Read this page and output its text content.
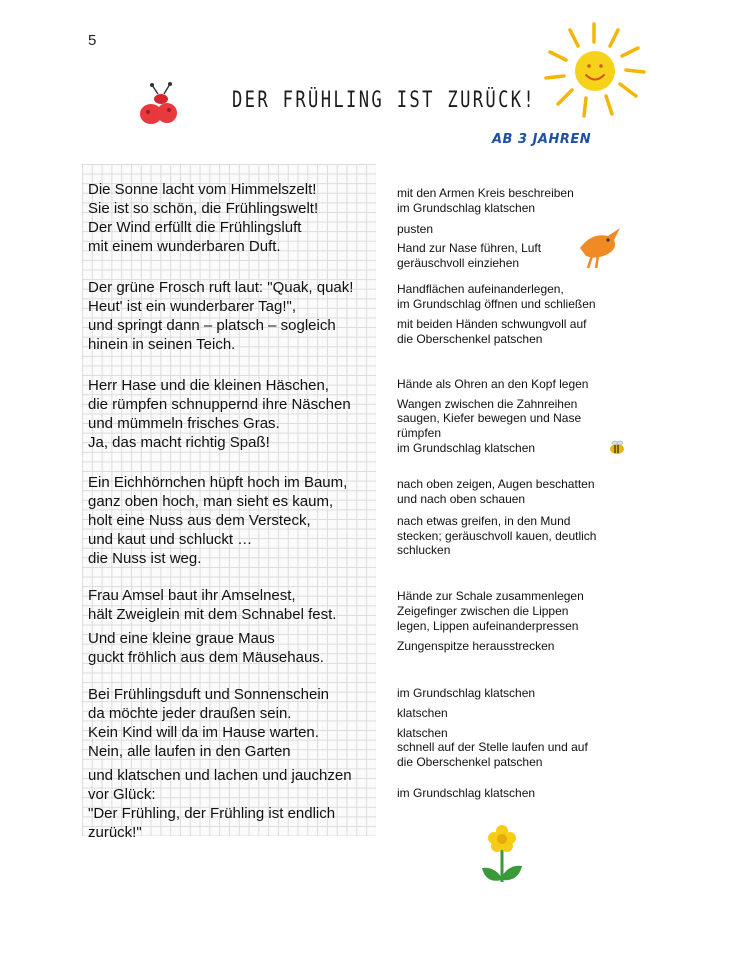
5
DER FRÜHLING IST ZURÜCK!
AB 3 JAHREN

Die Sonne lacht vom Himmelszelt!

Sie ist so schön, die Frühlingswelt!

Der Wind erfüllt die Frühlingsluft

mit einem wunderbaren Duft.

Der grüne Frosch ruft laut: "Quak, quak!

Heut' ist ein wunderbarer Tag!",

und springt dann – platsch – sogleich

hinein in seinen Teich.

Herr Hase und die kleinen Häschen,

die rümpfen schnuppernd ihre Näschen

und mümmeln frisches Gras.

Ja, das macht richtig Spaß!

Ein Eichhörnchen hüpft hoch im Baum,

ganz oben hoch, man sieht es kaum,

holt eine Nuss aus dem Versteck,

und kaut und schluckt …

die Nuss ist weg.

Frau Amsel baut ihr Amselnest,

hält Zweiglein mit dem Schnabel fest.

Und eine kleine graue Maus

guckt fröhlich aus dem Mäusehaus.

Bei Frühlingsduft und Sonnenschein

da möchte jeder draußen sein.

Kein Kind will da im Hause warten.

Nein, alle laufen in den Garten

und klatschen und lachen und jauchzen

vor Glück:

"Der Frühling, der Frühling ist endlich

zurück!"

mit den Armen Kreis beschreiben

im Grundschlag klatschen

pusten

Hand zur Nase führen, Luft

geräuschvoll einziehen

Handflächen aufeinanderlegen,

im Grundschlag öffnen und schließen

mit beiden Händen schwungvoll auf

die Oberschenkel patschen

Hände als Ohren an den Kopf legen

Wangen zwischen die Zahnreihen

saugen, Kiefer bewegen und Nase

rümpfen

im Grundschlag klatschen

nach oben zeigen, Augen beschatten

und nach oben schauen

nach etwas greifen, in den Mund

stecken; geräuschvoll kauen, deutlich

schlucken

Hände zur Schale zusammenlegen

Zeigefinger zwischen die Lippen

legen, Lippen aufeinanderpressen

Zungenspitze herausstrecken

im Grundschlag klatschen

klatschen

klatschen

schnell auf der Stelle laufen und auf

die Oberschenkel patschen

im Grundschlag klatschen
